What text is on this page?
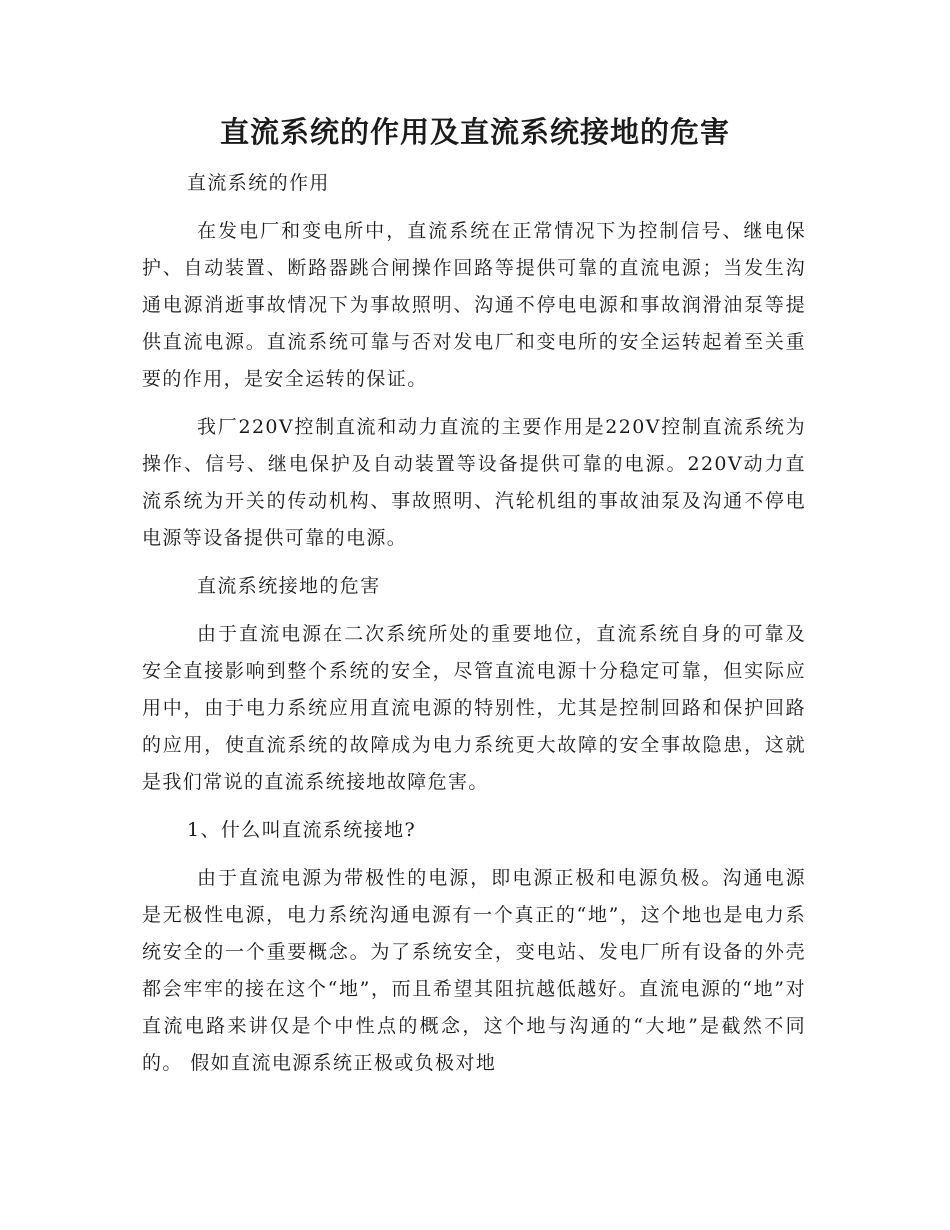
直流系统的作用及直流系统接地的危害

直流系统的作用

在发电厂和变电所中，直流系统在正常情况下为控制信号、继电保护、自动装置、断路器跳合闸操作回路等提供可靠的直流电源；当发生沟通电源消逝事故情况下为事故照明、沟通不停电电源和事故润滑油泵等提供直流电源。直流系统可靠与否对发电厂和变电所的安全运转起着至关重要的作用，是安全运转的保证。

我厂220V控制直流和动力直流的主要作用是220V控制直流系统为操作、信号、继电保护及自动装置等设备提供可靠的电源。220V动力直流系统为开关的传动机构、事故照明、汽轮机组的事故油泵及沟通不停电电源等设备提供可靠的电源。

直流系统接地的危害

由于直流电源在二次系统所处的重要地位，直流系统自身的可靠及安全直接影响到整个系统的安全，尽管直流电源十分稳定可靠，但实际应用中，由于电力系统应用直流电源的特别性，尤其是控制回路和保护回路的应用，使直流系统的故障成为电力系统更大故障的安全事故隐患，这就是我们常说的直流系统接地故障危害。

1、什么叫直流系统接地?

由于直流电源为带极性的电源，即电源正极和电源负极。沟通电源是无极性电源，电力系统沟通电源有一个真正的“地”，这个地也是电力系统安全的一个重要概念。为了系统安全，变电站、发电厂所有设备的外壳都会牢牢的接在这个“地”，而且希望其阻抗越低越好。直流电源的“地”对直流电路来讲仅是个中性点的概念，这个地与沟通的“大地”是截然不同的。 假如直流电源系统正极或负极对地
